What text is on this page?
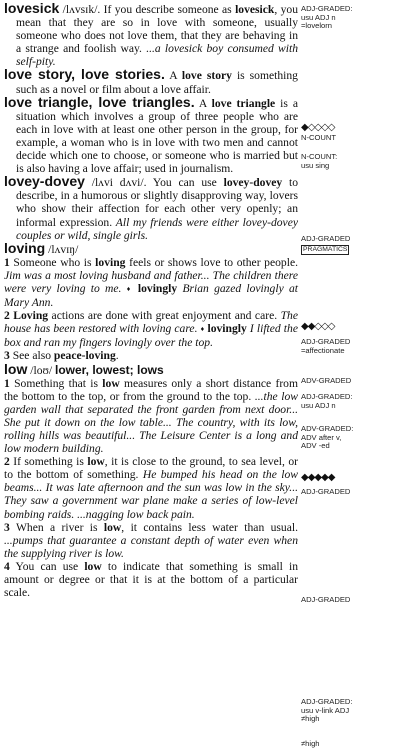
lovesick /lʌvsɪk/. If you describe someone as lovesick, you mean that they are so in love with someone, usually someone who does not love them, that they are behaving in a strange and foolish way. ...a lovesick boy consumed with self-pity.

love story, love stories. A love story is something such as a novel or film about a love affair.

love triangle, love triangles. A love triangle is a situation which involves a group of three people who are each in love with at least one other person in the group, for example, a woman who is in love with two men and cannot decide which one to choose, or someone who is married but is also having a love affair; used in journalism.

lovey-dovey /lʌvi dʌvi/. You can use lovey-dovey to describe, in a humorous or slightly disapproving way, lovers who show their affection for each other very openly; an informal expression. All my friends were either lovey-dovey couples or wild, single girls.

loving /lʌvɪŋ/

1 Someone who is loving feels or shows love to other people. Jim was a most loving husband and father... The children there were very loving to me. ♦ lovingly Brian gazed lovingly at Mary Ann.

2 Loving actions are done with great enjoyment and care. The house has been restored with loving care. ♦ lovingly I lifted the box and ran my fingers lovingly over the top.

3 See also peace-loving.

low /loʊ/ lower, lowest; lows

1 Something that is low measures only a short distance from the bottom to the top, or from the ground to the top. ...the low garden wall that separated the front garden from next door... She put it down on the low table... The country, with its low, rolling hills was beautiful... The Leisure Center is a long and low modern building.

2 If something is low, it is close to the ground, to sea level, or to the bottom of something. He bumped his head on the low beams... It was late afternoon and the sun was low in the sky... They saw a government war plane make a series of low-level bombing raids. ...nagging low back pain.

3 When a river is low, it contains less water than usual. ...pumps that guarantee a constant depth of water even when the supplying river is low.

4 You can use low to indicate that something is small in amount or degree or that it is at the bottom of a particular scale.

ADJ-GRADED:
usu ADJ n
=lovelorn
◆◇◇◇◇
N-COUNT
N-COUNT:
usu sing
ADJ-GRADED
PRAGMATICS
◆◆◇◇◇
ADJ-GRADED
=affectionate
ADV-GRADED
ADJ-GRADED:
usu ADJ n
ADV-GRADED:
ADV after v,
ADV -ed
◆◆◆◆◆
ADJ-GRADED
ADJ-GRADED
ADJ-GRADED:
usu v-link ADJ
≠high
≠high
